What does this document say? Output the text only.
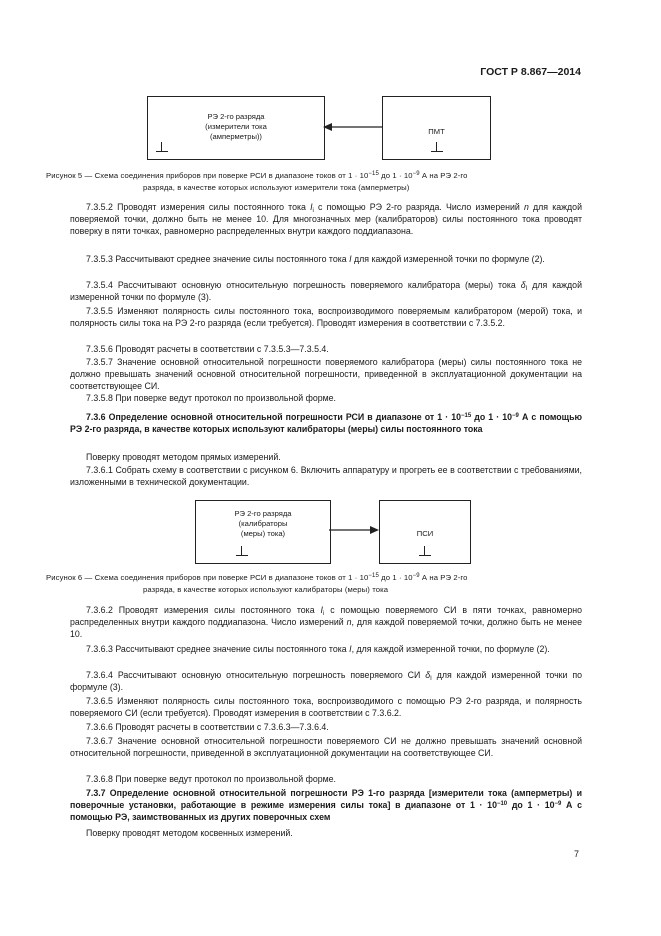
ГОСТ Р 8.867—2014
РЭ 2-го разряда
(измерители тока
(амперметры))
ПМТ
Рисунок 5 — Схема соединения приборов при поверке РСИ в диапазоне токов от $1 \cdot 10^{-15}$ до $1 \cdot 10^{-9}$ А на РЭ 2-го
разряда, в качестве которых используют измерители тока (амперметры)
7.3.5.2 Проводят измерения силы постоянного тока $I_i$ с помощью РЭ 2-го разряда. Число измерений n для каждой поверяемой точки, должно быть не менее 10. Для многозначных мер (калибраторов) силы постоянного тока проводят поверку в пяти точках, равномерно распределенных внутри каждого поддиапазона.
7.3.5.3 Рассчитывают среднее значение силы постоянного тока I для каждой измеренной точки по формуле (2).
7.3.5.4 Рассчитывают основную относительную погрешность поверяемого калибратора (меры) тока $\delta_I$ для каждой измеренной точки по формуле (3).
7.3.5.5 Изменяют полярность силы постоянного тока, воспроизводимого поверяемым калибратором (мерой) тока, и полярность силы тока на РЭ 2-го разряда (если требуется). Проводят измерения в соответствии с 7.3.5.2.
7.3.5.6 Проводят расчеты в соответствии с 7.3.5.3—7.3.5.4.
7.3.5.7 Значение основной относительной погрешности поверяемого калибратора (меры) силы постоянного тока не должно превышать значений основной относительной погрешности, приведенной в эксплуатационной документации на соответствующее СИ.
7.3.5.8 При поверке ведут протокол по произвольной форме.
7.3.6 Определение основной относительной погрешности РСИ в диапазоне от $1 \cdot 10^{-15}$ до $1 \cdot 10^{-9}$ А с помощью РЭ 2-го разряда, в качестве которых используют калибраторы (меры) силы постоянного тока
Поверку проводят методом прямых измерений.
7.3.6.1 Собрать схему в соответствии с рисунком 6. Включить аппаратуру и прогреть ее в соответствии с требованиями, изложенными в технической документации.
РЭ 2-го разряда
(калибраторы
(меры) тока)	ПСИ
Рисунок 6 — Схема соединения приборов при поверке РСИ в диапазоне токов от $1 \cdot 10^{-15}$ до $1 \cdot 10^{-9}$ А на РЭ 2-го
разряда, в качестве которых используют калибраторы (меры) тока
7.3.6.2 Проводят измерения силы постоянного тока $I_i$ с помощью поверяемого СИ в пяти точках, равномерно распределенных внутри каждого поддиапазона. Число измерений n, для каждой поверяемой точки, должно быть не менее 10.
7.3.6.3 Рассчитывают среднее значение силы постоянного тока I, для каждой измеренной точки, по формуле (2).
7.3.6.4 Рассчитывают основную относительную погрешность поверяемого СИ $\delta_I$ для каждой измеренной точки по формуле (3).
7.3.6.5 Изменяют полярность силы постоянного тока, воспроизводимого с помощью РЭ 2-го разряда, и полярность поверяемого СИ (если требуется). Проводят измерения в соответствии с 7.3.6.2.
7.3.6.6 Проводят расчеты в соответствии с 7.3.6.3—7.3.6.4.
7.3.6.7 Значение основной относительной погрешности поверяемого СИ не должно превышать значений основной относительной погрешности, приведенной в эксплуатационной документации на соответствующее СИ.
7.3.6.8 При поверке ведут протокол по произвольной форме.
7.3.7 Определение основной относительной погрешности РЭ 1-го разряда [измерители тока (амперметры) и поверочные установки, работающие в режиме измерения силы тока] в диапазоне от $1 \cdot 10^{-10}$ до $1 \cdot 10^{-9}$ А с помощью РЭ, заимствованных из других поверочных схем
Поверку проводят методом косвенных измерений.
7
